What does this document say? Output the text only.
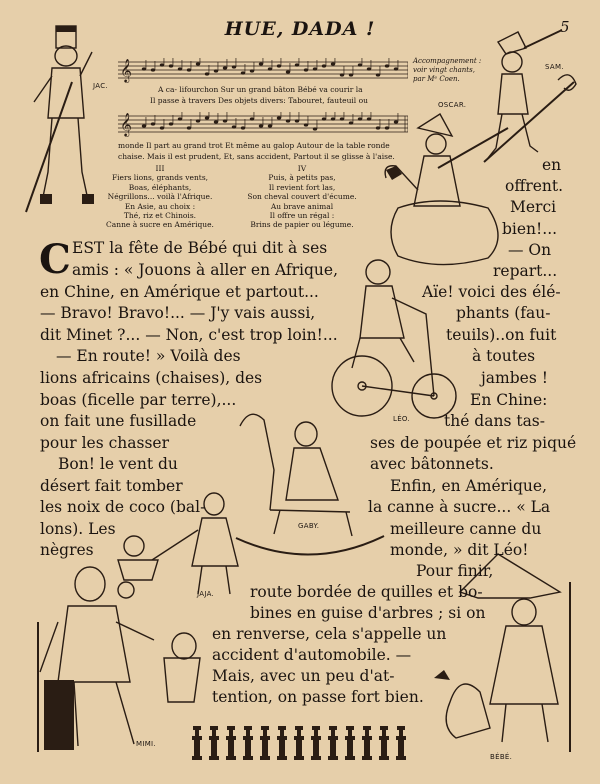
HUE, DADA !	5
Accompagnement :
voir vingt chants,
par Mᵉ Coen.
𝄞
A ca- lifourchon Sur un grand bâton Bébé va courir la
Il passe à travers Des objets divers: Tabouret, fauteuil ou
𝄞
monde Il part au grand trot Et même au galop Autour de la table ronde
chaise. Mais il est prudent, Et, sans accident, Partout il se glisse à l'aise.
III
Fiers lions, grands vents,
Boas, éléphants,
Négrillons... voilà l'Afrique.
En Asie, au choix :
Thé, riz et Chinois.
Canne à sucre en Amérique.
IV
Puis, à petits pas,
Il revient fort las,
Son cheval couvert d'écume.
Au brave animal
Il offre un régal :
Brins de papier ou légume.
JAC.
SAM.
OSCAR.
LÉO.
GABY.
JAJA.
MIMI.
BÉBÉ.
C EST la fête de Bébé qui dit à ses
amis : « Jouons à aller en Afrique,
en Chine, en Amérique et partout...
— Bravo! Bravo!... — J'y vais aussi,
dit Minet ?... — Non, c'est trop loin!...
— En route! » Voilà des
lions africains (chaises), des
boas (ficelle par terre),...
on fait une fusillade
pour les chasser
Bon! le vent du
désert fait tomber
les noix de coco (bal-
lons). Les
nègres
en
offrent.
Merci
bien!...
— On
repart...
Aïe! voici des élé-
phants (fau-
teuils)..on fuit
à toutes
jambes !
En Chine:
thé dans tas-
ses de poupée et riz piqué
avec bâtonnets.
Enfin, en Amérique,
la canne à sucre... « La
meilleure canne du
monde, » dit Léo!
Pour finir,
route bordée de quilles et bo-
bines en guise d'arbres ; si on
en renverse, cela s'appelle un
accident d'automobile. —
Mais, avec un peu d'at-
tention, on passe fort bien.
